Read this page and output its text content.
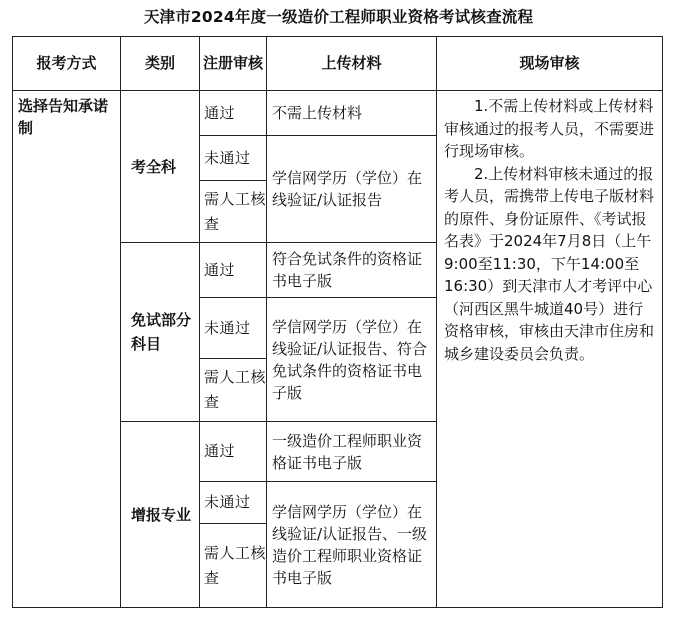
天津市2024年度一级造价工程师职业资格考试核查流程
报考方式	类别	注册审核	上传材料	现场审核
选择告知承诺制	考全科	通过	不需上传材料	1.不需上传材料或上传材料审核通过的报考人员，不需要进行现场审核。

2.上传材料审核未通过的报考人员，需携带上传电子版材料的原件、身份证原件、《考试报名表》于2024年7月8日（上午9:00至11:30，下午14:00至16:30）到天津市人才考评中心（河西区黑牛城道40号）进行资格审核，审核由天津市住房和城乡建设委员会负责。

		未通过	学信网学历（学位）在线验证/认证报告	
		需人工核查		
	免试部分科目	通过	符合免试条件的资格证书电子版	
		未通过	学信网学历（学位）在线验证/认证报告、符合免试条件的资格证书电子版	
		需人工核查		
	增报专业	通过	一级造价工程师职业资格证书电子版	
		未通过	学信网学历（学位）在线验证/认证报告、一级造价工程师职业资格证书电子版	
		需人工核查		
